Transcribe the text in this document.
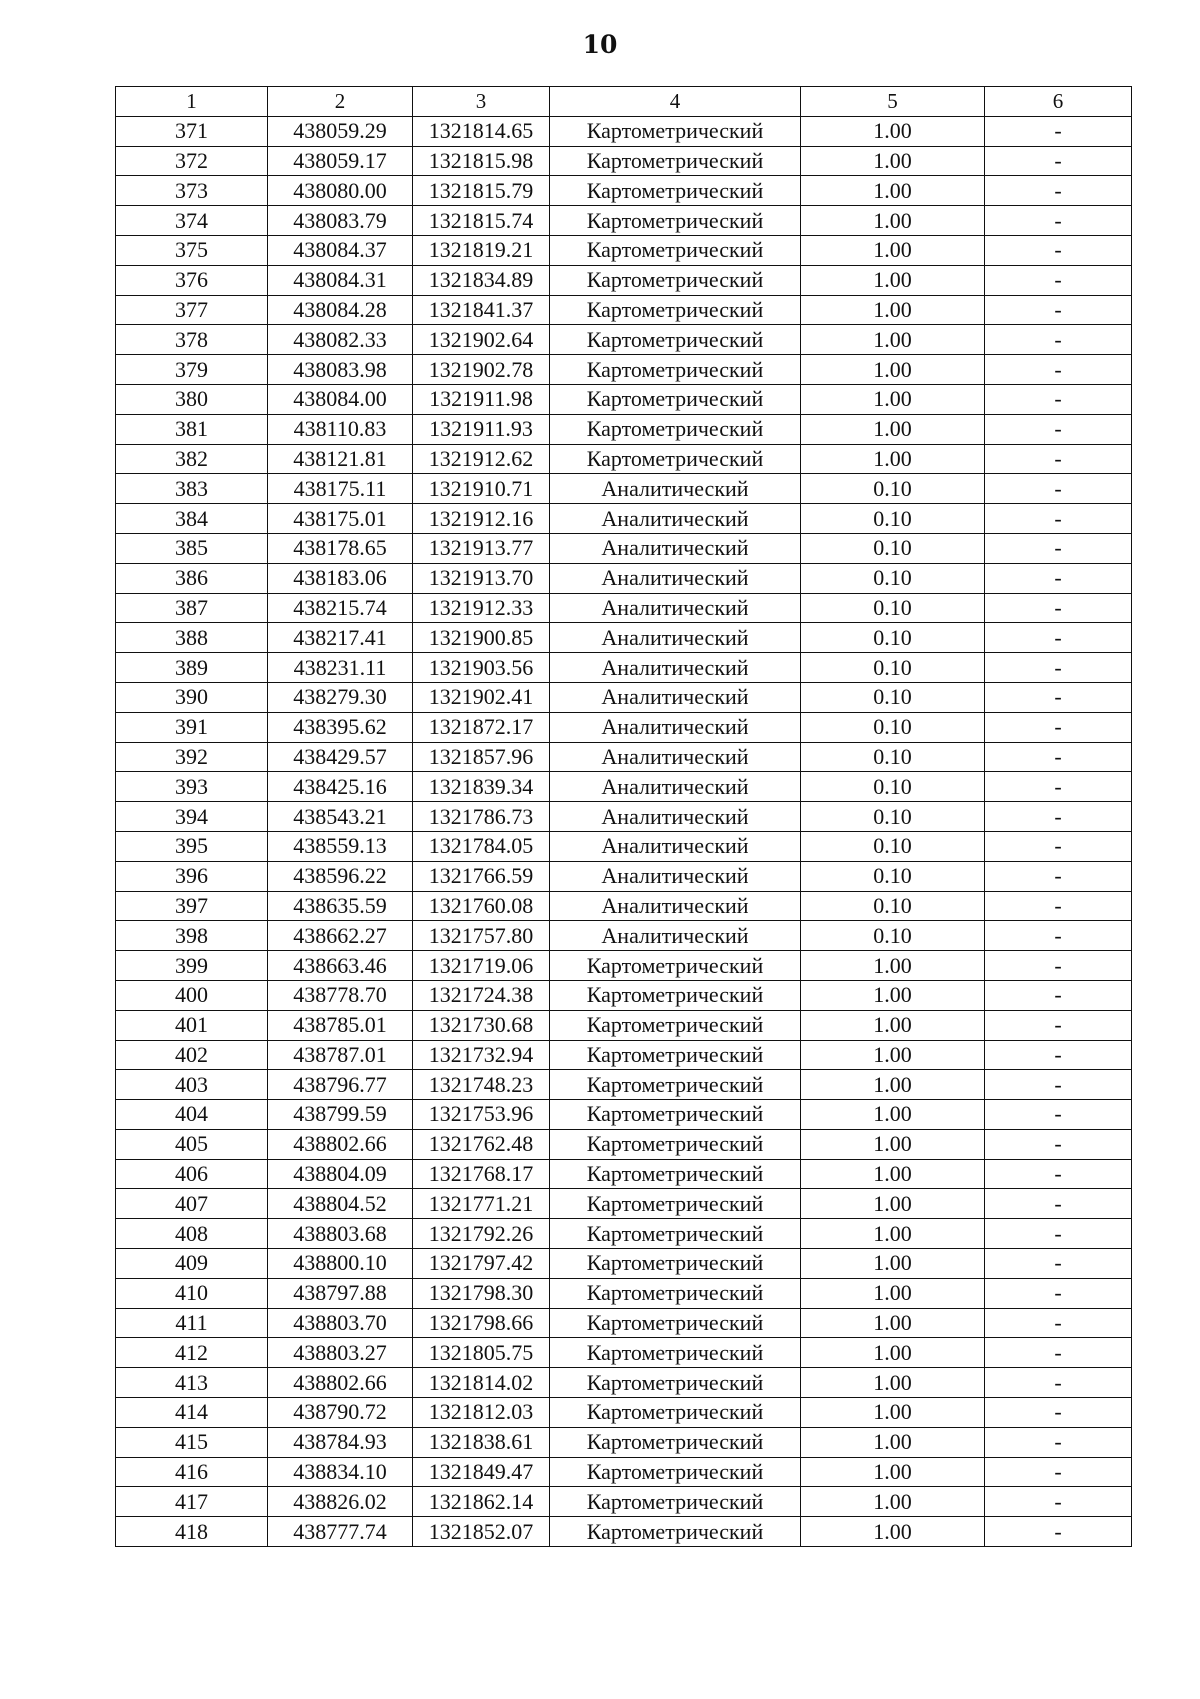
10
1	2	3	4	5	6
371	438059.29	1321814.65	Картометрический	1.00	-
372	438059.17	1321815.98	Картометрический	1.00	-
373	438080.00	1321815.79	Картометрический	1.00	-
374	438083.79	1321815.74	Картометрический	1.00	-
375	438084.37	1321819.21	Картометрический	1.00	-
376	438084.31	1321834.89	Картометрический	1.00	-
377	438084.28	1321841.37	Картометрический	1.00	-
378	438082.33	1321902.64	Картометрический	1.00	-
379	438083.98	1321902.78	Картометрический	1.00	-
380	438084.00	1321911.98	Картометрический	1.00	-
381	438110.83	1321911.93	Картометрический	1.00	-
382	438121.81	1321912.62	Картометрический	1.00	-
383	438175.11	1321910.71	Аналитический	0.10	-
384	438175.01	1321912.16	Аналитический	0.10	-
385	438178.65	1321913.77	Аналитический	0.10	-
386	438183.06	1321913.70	Аналитический	0.10	-
387	438215.74	1321912.33	Аналитический	0.10	-
388	438217.41	1321900.85	Аналитический	0.10	-
389	438231.11	1321903.56	Аналитический	0.10	-
390	438279.30	1321902.41	Аналитический	0.10	-
391	438395.62	1321872.17	Аналитический	0.10	-
392	438429.57	1321857.96	Аналитический	0.10	-
393	438425.16	1321839.34	Аналитический	0.10	-
394	438543.21	1321786.73	Аналитический	0.10	-
395	438559.13	1321784.05	Аналитический	0.10	-
396	438596.22	1321766.59	Аналитический	0.10	-
397	438635.59	1321760.08	Аналитический	0.10	-
398	438662.27	1321757.80	Аналитический	0.10	-
399	438663.46	1321719.06	Картометрический	1.00	-
400	438778.70	1321724.38	Картометрический	1.00	-
401	438785.01	1321730.68	Картометрический	1.00	-
402	438787.01	1321732.94	Картометрический	1.00	-
403	438796.77	1321748.23	Картометрический	1.00	-
404	438799.59	1321753.96	Картометрический	1.00	-
405	438802.66	1321762.48	Картометрический	1.00	-
406	438804.09	1321768.17	Картометрический	1.00	-
407	438804.52	1321771.21	Картометрический	1.00	-
408	438803.68	1321792.26	Картометрический	1.00	-
409	438800.10	1321797.42	Картометрический	1.00	-
410	438797.88	1321798.30	Картометрический	1.00	-
411	438803.70	1321798.66	Картометрический	1.00	-
412	438803.27	1321805.75	Картометрический	1.00	-
413	438802.66	1321814.02	Картометрический	1.00	-
414	438790.72	1321812.03	Картометрический	1.00	-
415	438784.93	1321838.61	Картометрический	1.00	-
416	438834.10	1321849.47	Картометрический	1.00	-
417	438826.02	1321862.14	Картометрический	1.00	-
418	438777.74	1321852.07	Картометрический	1.00	-
